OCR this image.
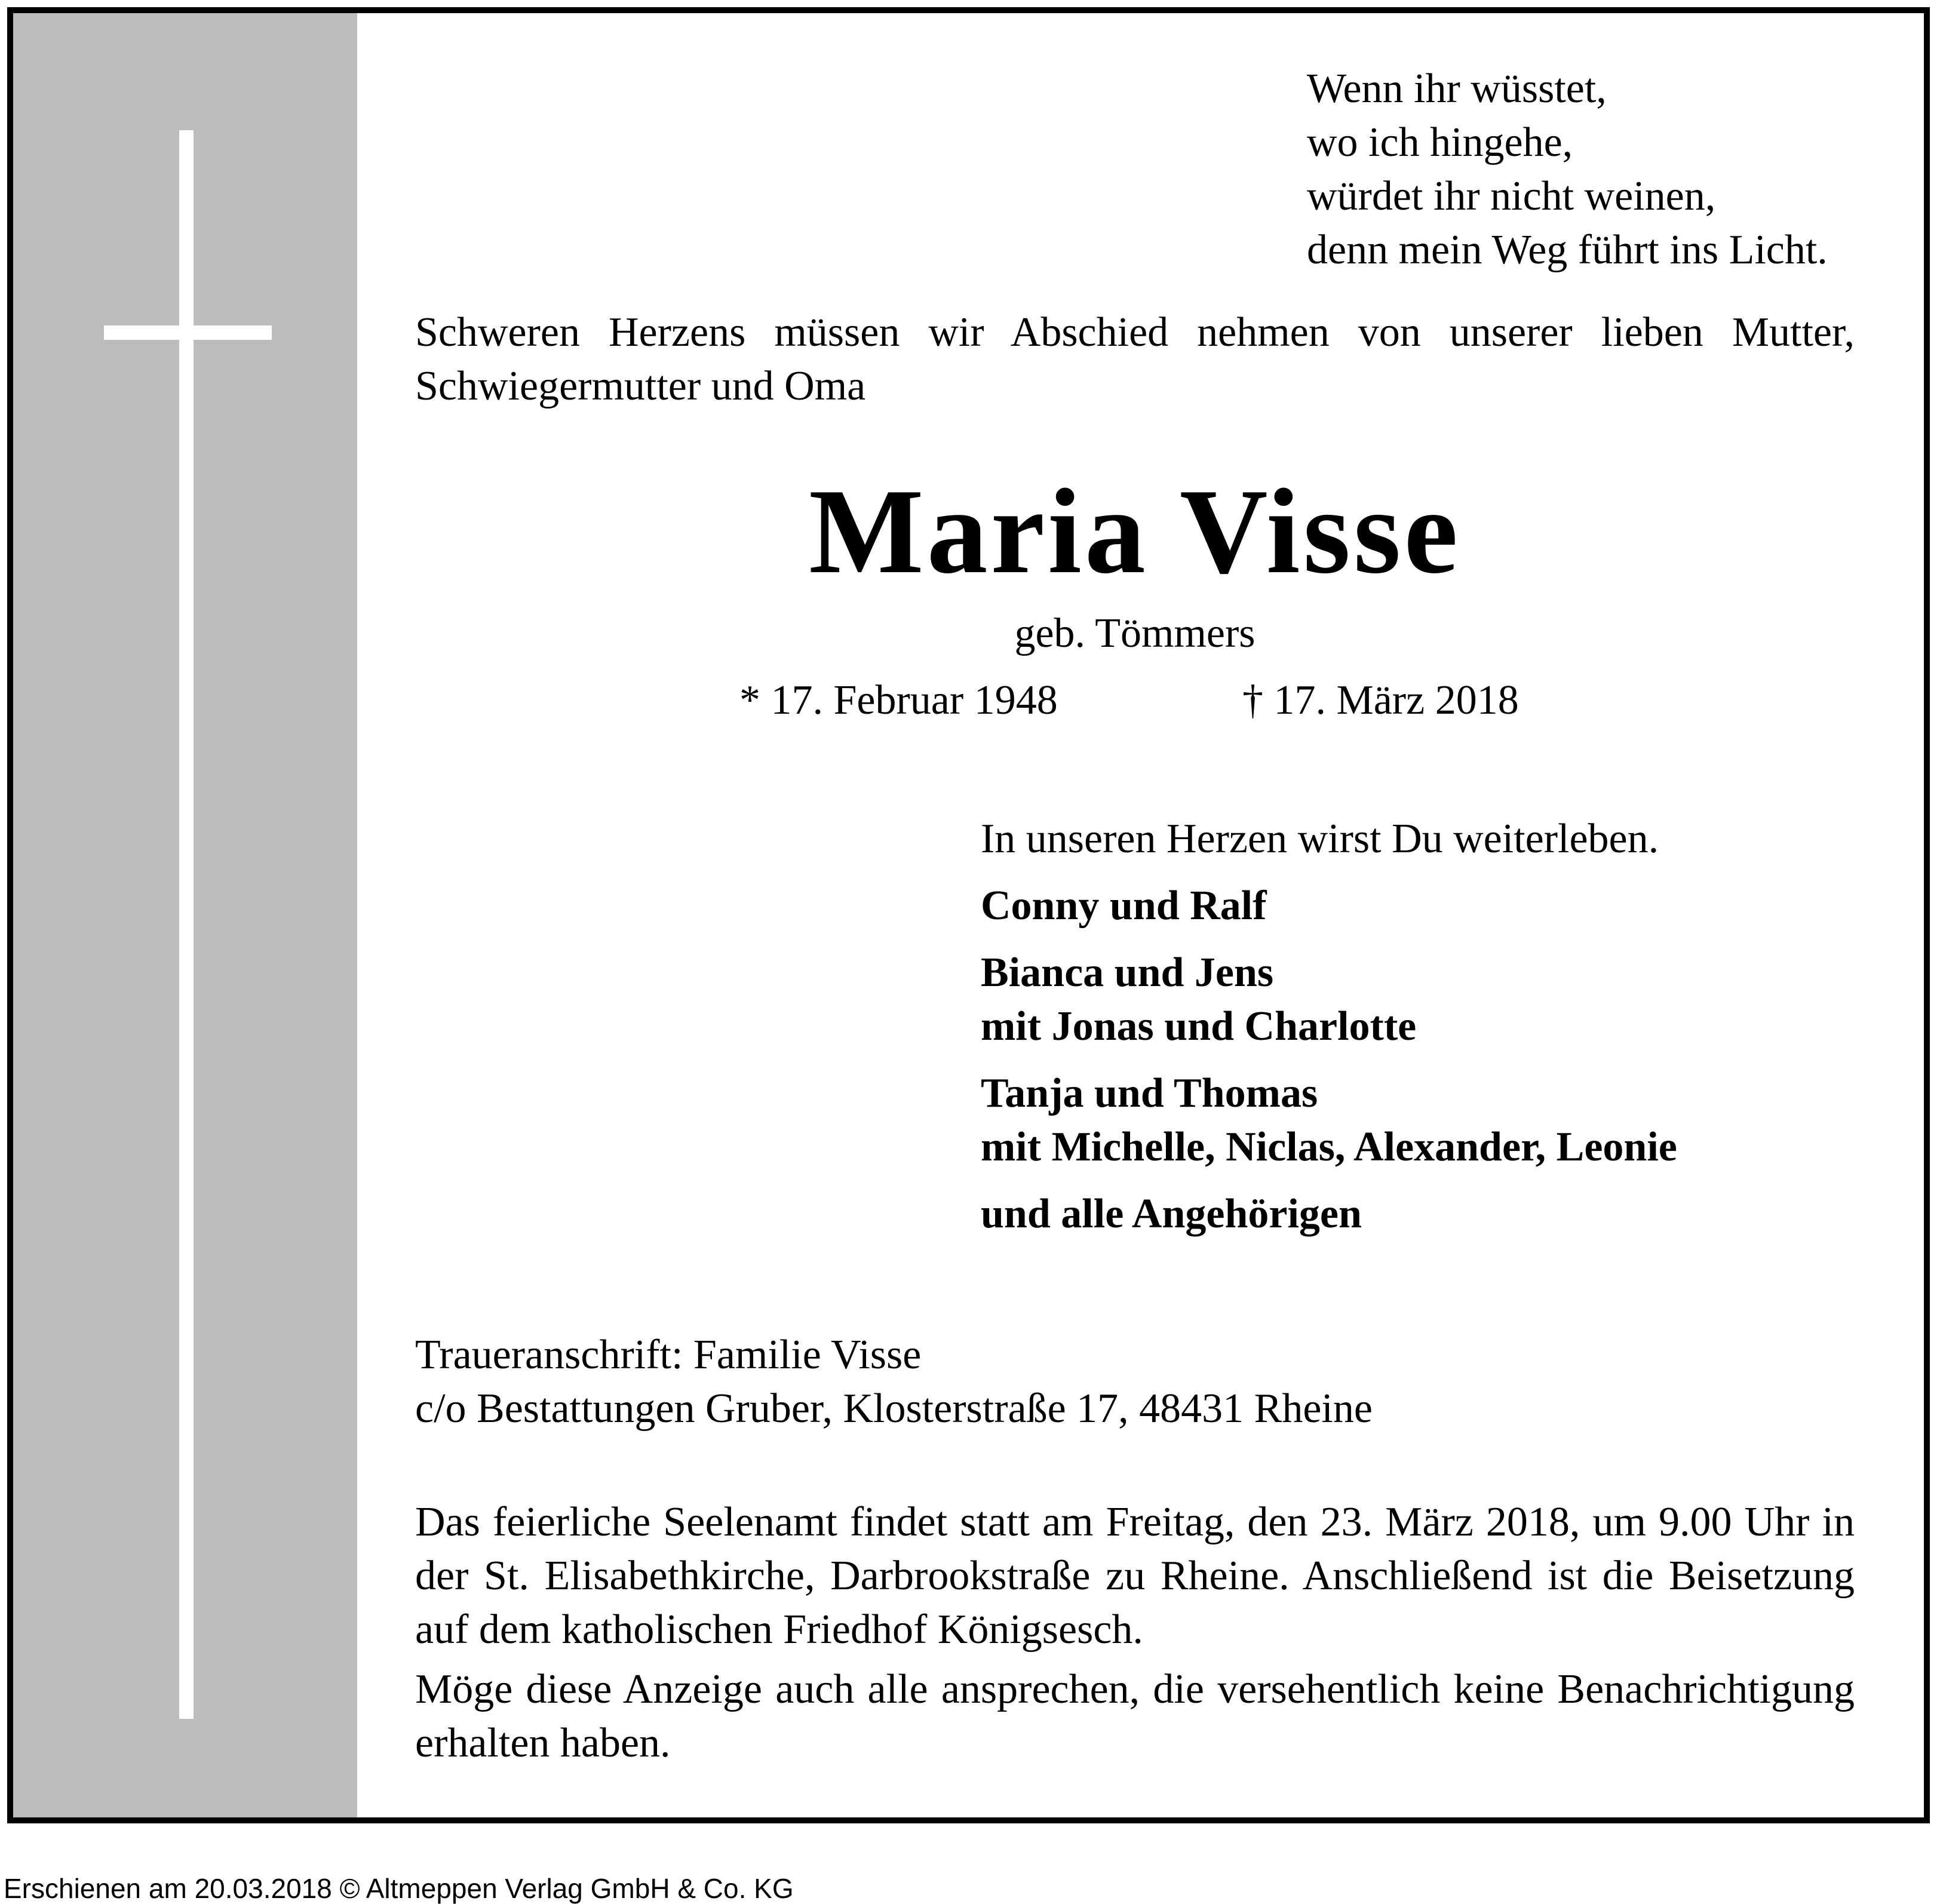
Wenn ihr wüsstet,
wo ich hingehe,
würdet ihr nicht weinen,
denn mein Weg führt ins Licht.
Schweren Herzens müssen wir Abschied nehmen von unserer lieben Mutter, Schwiegermutter und Oma
Maria Visse
geb. Tömmers
* 17. Februar 1948	† 17. März 2018
In unseren Herzen wirst Du weiterleben.
Conny und Ralf
Bianca und Jens
mit Jonas und Charlotte
Tanja und Thomas
mit Michelle, Niclas, Alexander, Leonie
und alle Angehörigen
Traueranschrift: Familie Visse
c/o Bestattungen Gruber, Klosterstraße 17, 48431 Rheine
Das feierliche Seelenamt findet statt am Freitag, den 23. März 2018, um 9.00 Uhr in der St. Elisabethkirche, Darbrookstraße zu Rheine. Anschließend ist die Beisetzung auf dem katholischen Friedhof Königsesch.
Möge diese Anzeige auch alle ansprechen, die versehentlich keine Benachrichtigung erhalten haben.
Erschienen am 20.03.2018 © Altmeppen Verlag GmbH & Co. KG
